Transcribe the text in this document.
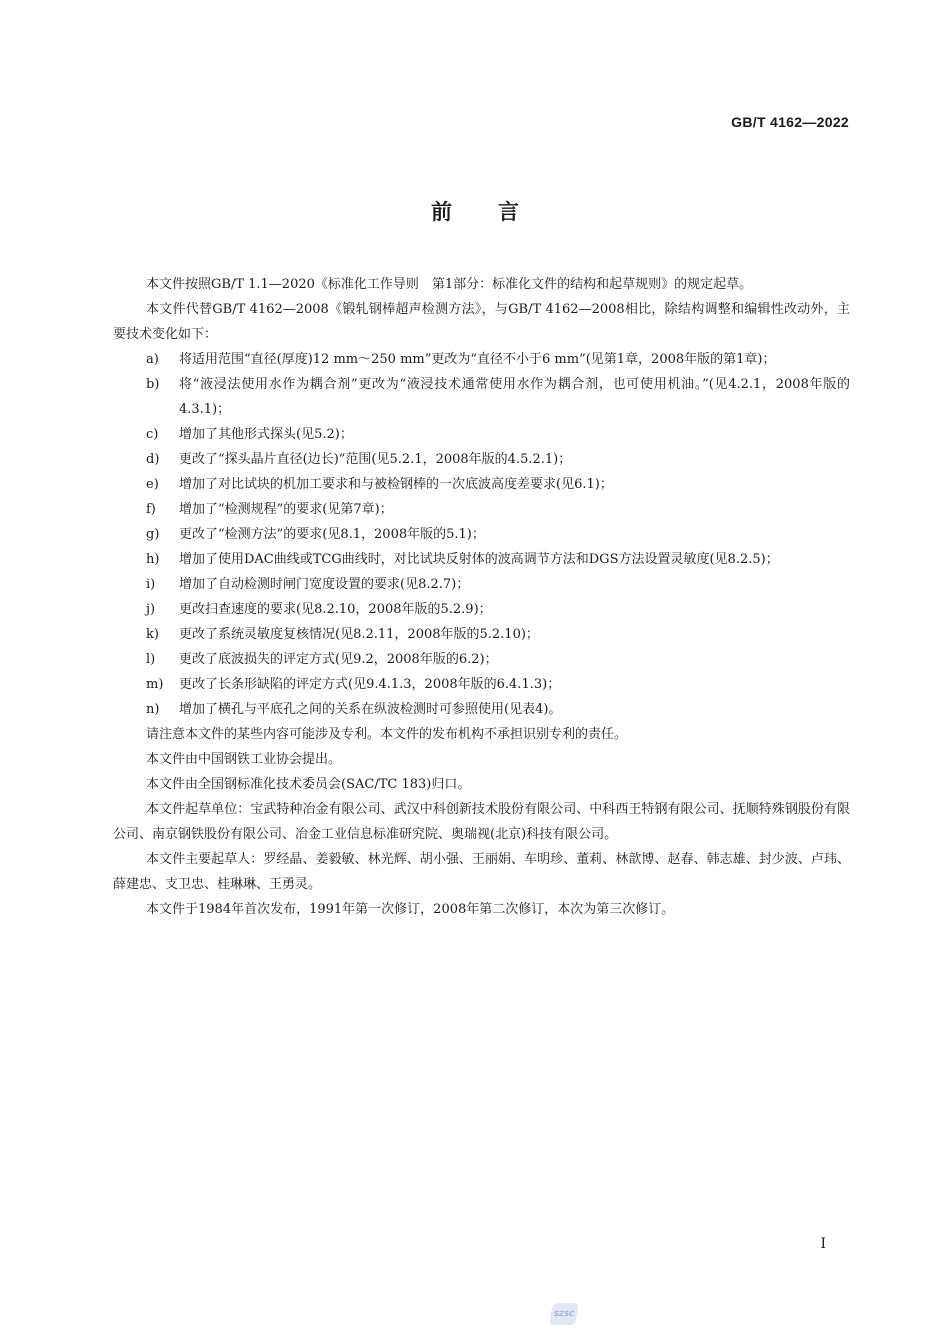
GB/T 4162—2022
前言

本文件按照GB/T 1.1—2020《标准化工作导则　第1部分：标准化文件的结构和起草规则》的规定起草。

本文件代替GB/T 4162—2008《锻轧钢棒超声检测方法》，与GB/T 4162—2008相比，除结构调整和编辑性改动外，主要技术变化如下：

a) 将适用范围“直径(厚度)12 mm～250 mm”更改为“直径不小于6 mm”(见第1章，2008年版的第1章)；
b) 将“液浸法使用水作为耦合剂”更改为“液浸技术通常使用水作为耦合剂，也可使用机油。”(见4.2.1，2008年版的4.3.1)；
c) 增加了其他形式探头(见5.2)；
d) 更改了“探头晶片直径(边长)”范围(见5.2.1，2008年版的4.5.2.1)；
e) 增加了对比试块的机加工要求和与被检钢棒的一次底波高度差要求(见6.1)；
f) 增加了“检测规程”的要求(见第7章)；
g) 更改了“检测方法”的要求(见8.1，2008年版的5.1)；
h) 增加了使用DAC曲线或TCG曲线时，对比试块反射体的波高调节方法和DGS方法设置灵敏度(见8.2.5)；
i) 增加了自动检测时闸门宽度设置的要求(见8.2.7)；
j) 更改扫查速度的要求(见8.2.10，2008年版的5.2.9)；
k) 更改了系统灵敏度复核情况(见8.2.11，2008年版的5.2.10)；
l) 更改了底波损失的评定方式(见9.2，2008年版的6.2)；
m) 更改了长条形缺陷的评定方式(见9.4.1.3，2008年版的6.4.1.3)；
n) 增加了横孔与平底孔之间的关系在纵波检测时可参照使用(见表4)。

请注意本文件的某些内容可能涉及专利。本文件的发布机构不承担识别专利的责任。

本文件由中国钢铁工业协会提出。

本文件由全国钢标准化技术委员会(SAC/TC 183)归口。

本文件起草单位：宝武特种冶金有限公司、武汉中科创新技术股份有限公司、中科西王特钢有限公司、抚顺特殊钢股份有限公司、南京钢铁股份有限公司、冶金工业信息标准研究院、奥瑞视(北京)科技有限公司。

本文件主要起草人：罗经晶、姜毅敏、林光辉、胡小强、王丽娟、车明珍、董莉、林歆博、赵春、韩志雄、封少波、卢玮、薛建忠、支卫忠、桂琳琳、王勇灵。

本文件于1984年首次发布，1991年第一次修订，2008年第二次修订，本次为第三次修订。

I
SZSC
